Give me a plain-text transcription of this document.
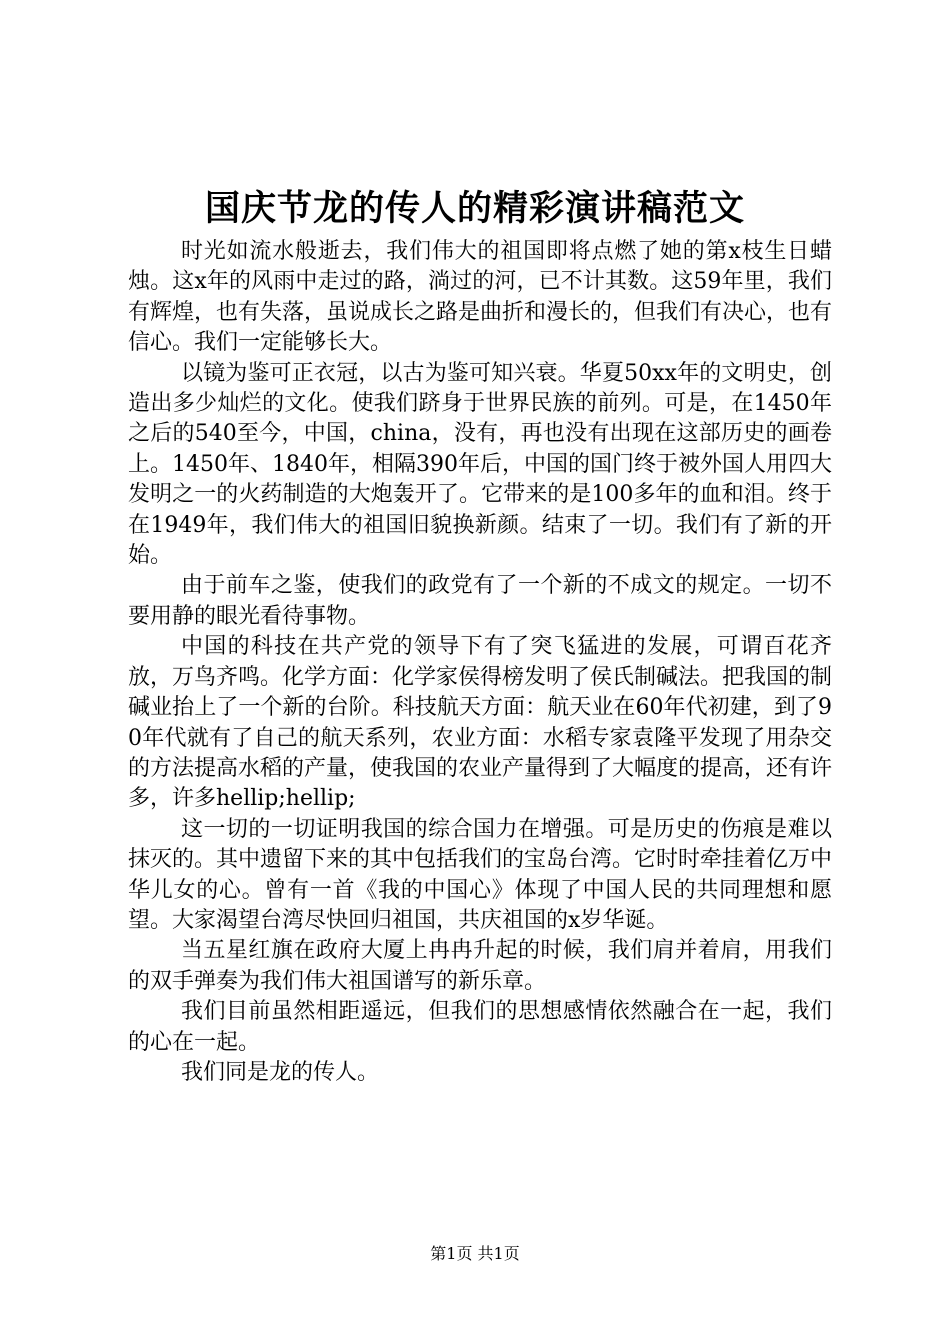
国庆节龙的传人的精彩演讲稿范文

时光如流水般逝去，我们伟大的祖国即将点燃了她的第x枝生日蜡烛。这x年的风雨中走过的路，淌过的河，已不计其数。这59年里，我们有辉煌，也有失落，虽说成长之路是曲折和漫长的，但我们有决心，也有信心。我们一定能够长大。

以镜为鉴可正衣冠，以古为鉴可知兴衰。华夏50xx年的文明史，创造出多少灿烂的文化。使我们跻身于世界民族的前列。可是，在1450年之后的540至今，中国，china，没有，再也没有出现在这部历史的画卷上。1450年、1840年，相隔390年后，中国的国门终于被外国人用四大发明之一的火药制造的大炮轰开了。它带来的是100多年的血和泪。终于在1949年，我们伟大的祖国旧貌换新颜。结束了一切。我们有了新的开始。

由于前车之鉴，使我们的政党有了一个新的不成文的规定。一切不要用静的眼光看待事物。

中国的科技在共产党的领导下有了突飞猛进的发展，可谓百花齐放，万鸟齐鸣。化学方面：化学家侯得榜发明了侯氏制碱法。把我国的制碱业抬上了一个新的台阶。科技航天方面：航天业在60年代初建，到了90年代就有了自己的航天系列，农业方面：水稻专家袁隆平发现了用杂交的方法提高水稻的产量，使我国的农业产量得到了大幅度的提高，还有许多，许多hellip;hellip;

这一切的一切证明我国的综合国力在增强。可是历史的伤痕是难以抹灭的。其中遗留下来的其中包括我们的宝岛台湾。它时时牵挂着亿万中华儿女的心。曾有一首《我的中国心》体现了中国人民的共同理想和愿望。大家渴望台湾尽快回归祖国，共庆祖国的x岁华诞。

当五星红旗在政府大厦上冉冉升起的时候，我们肩并着肩，用我们的双手弹奏为我们伟大祖国谱写的新乐章。

我们目前虽然相距遥远，但我们的思想感情依然融合在一起，我们的心在一起。

我们同是龙的传人。

第1页 共1页
